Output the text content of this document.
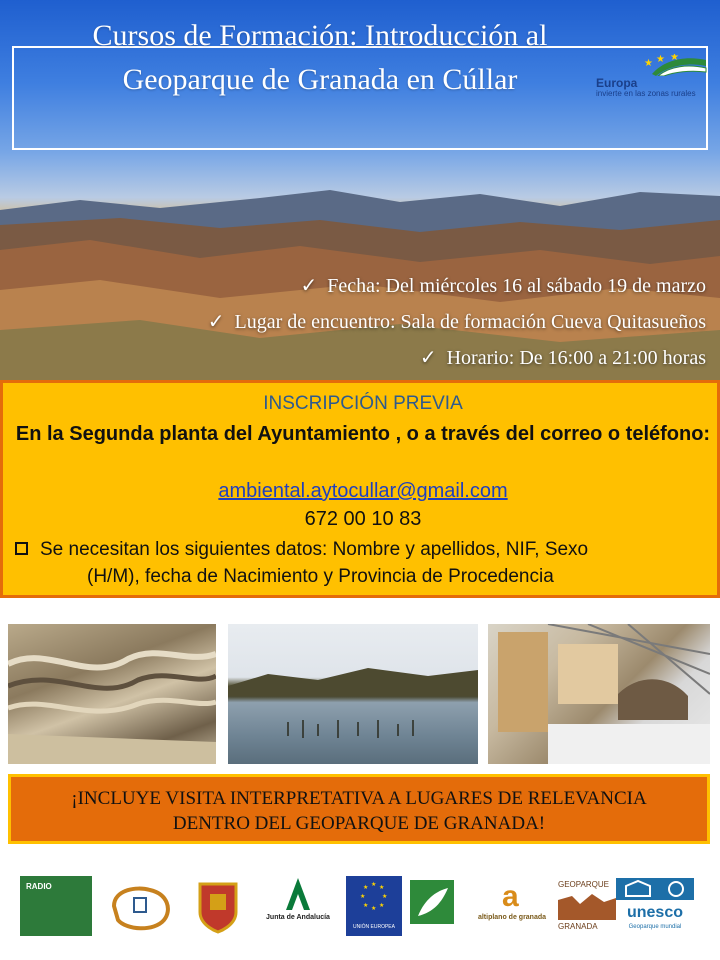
Cursos de Formación: Introducción al
Geoparque de Granada en Cúllar	★ ★ ★
Europa
invierte en las zonas rurales
✓ Fecha: Del miércoles 16 al sábado 19 de marzo
✓ Lugar de encuentro: Sala de formación Cueva Quitasueños
✓ Horario: De 16:00 a 21:00 horas
INSCRIPCIÓN PREVIA
En la Segunda planta del Ayuntamiento , o a través del correo o teléfono:
ambiental.aytocullar@gmail.com
672 00 10 83
Se necesitan los siguientes datos: Nombre y apellidos, NIF, Sexo
(H/M), fecha de Nacimiento y Provincia de Procedencia
¡INCLUYE VISITA INTERPRETATIVA A LUGARES DE RELEVANCIA
DENTRO DEL GEOPARQUE DE GRANADA!
RADIO
Junta de Andalucía
★ ★
★
★
★
★
★
★
UNIÓN EUROPEA
a
altiplano de granada
GEOPARQUE
GRANADA
unesco
Geoparque mundial
